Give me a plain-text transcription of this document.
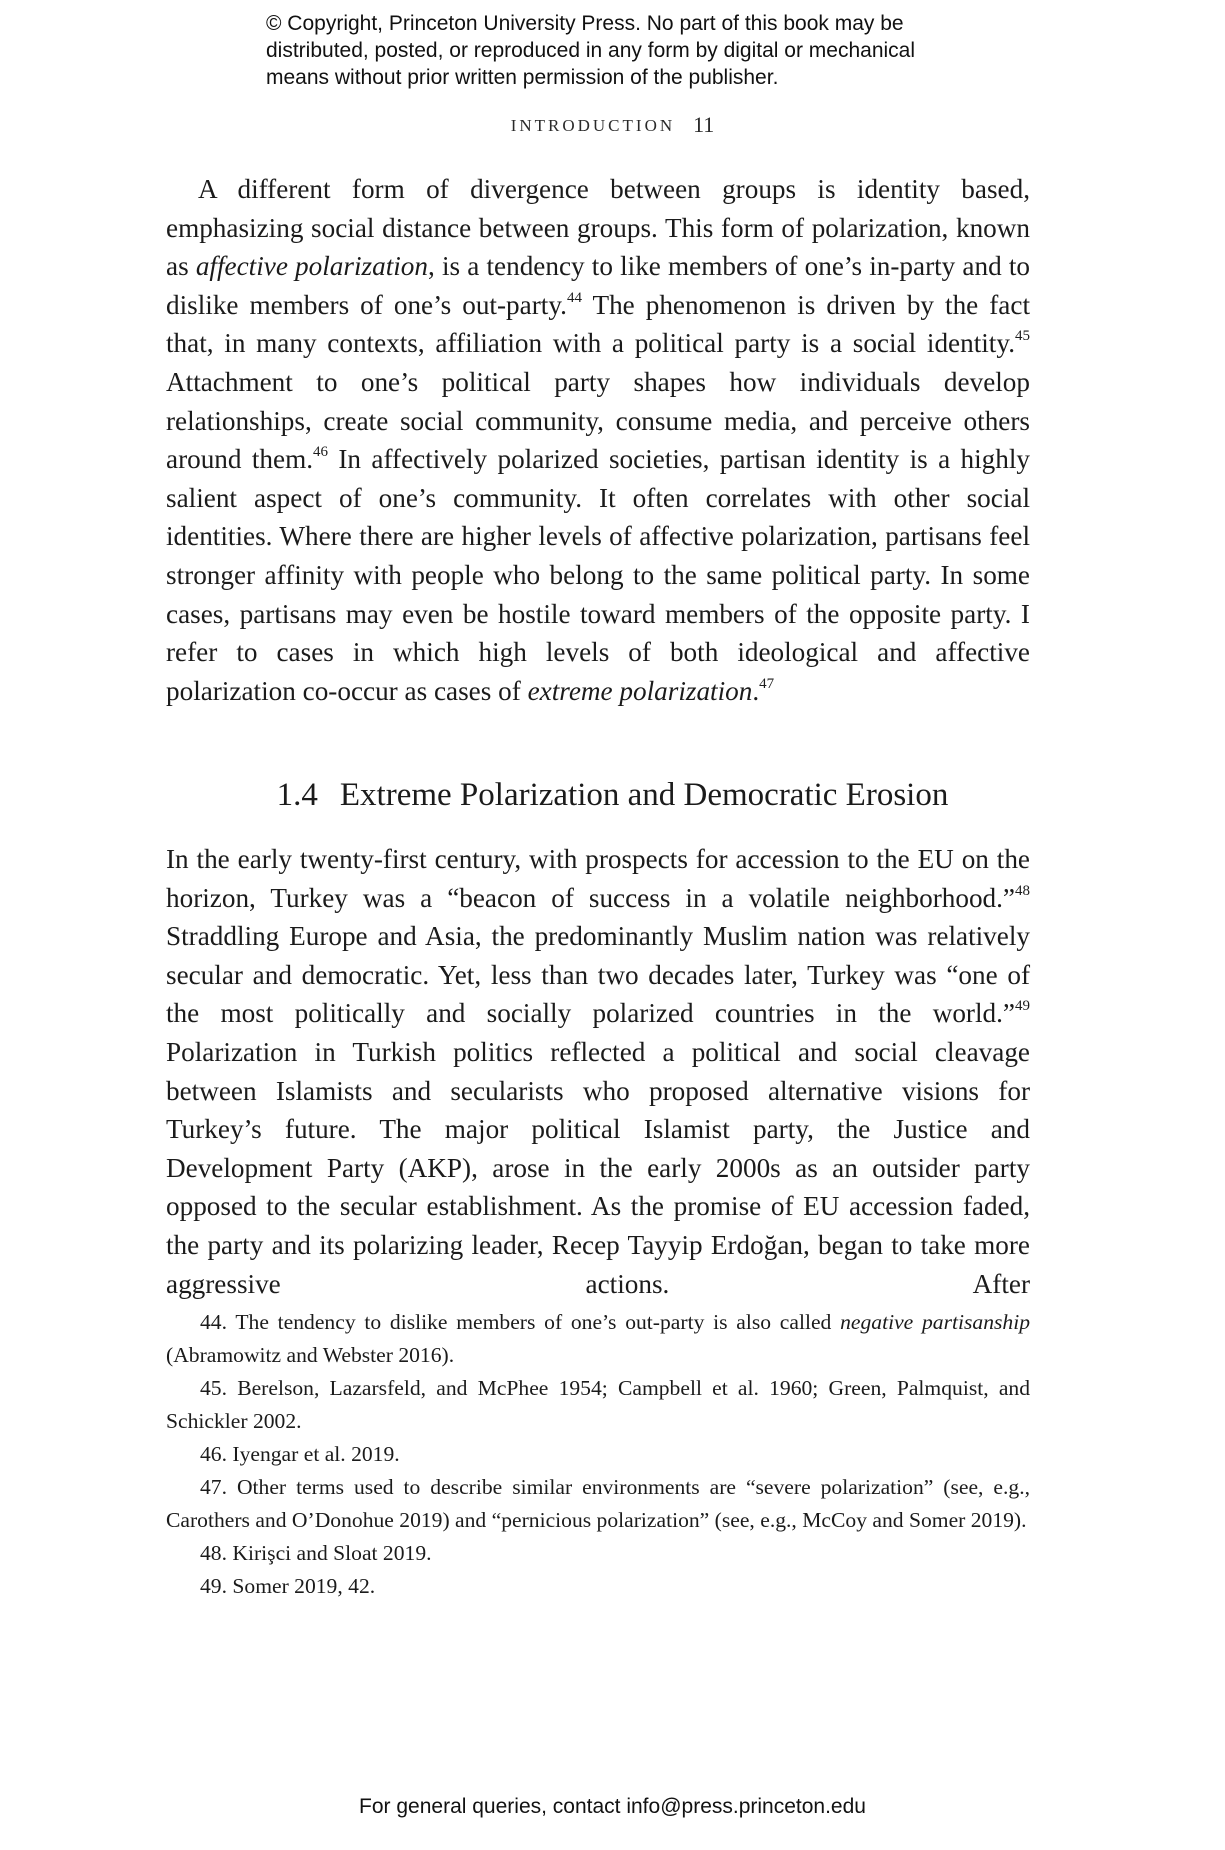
© Copyright, Princeton University Press. No part of this book may be
distributed, posted, or reproduced in any form by digital or mechanical
means without prior written permission of the publisher.
INTRODUCTION 11

A different form of divergence between groups is identity based, emphasizing social distance between groups. This form of polarization, known as affective polarization, is a tendency to like members of one’s in-party and to dislike members of one’s out-party.$^{44}$ The phenomenon is driven by the fact that, in many contexts, affiliation with a political party is a social identity.$^{45}$ Attachment to one’s political party shapes how individuals develop relationships, create social community, consume media, and perceive others around them.$^{46}$ In affectively polarized societies, partisan identity is a highly salient aspect of one’s community. It often correlates with other social identities. Where there are higher levels of affective polarization, partisans feel stronger affinity with people who belong to the same political party. In some cases, partisans may even be hostile toward members of the opposite party. I refer to cases in which high levels of both ideological and affective polarization co-occur as cases of extreme polarization.$^{47}$

1.4 Extreme Polarization and Democratic Erosion

In the early twenty-first century, with prospects for accession to the EU on the horizon, Turkey was a “beacon of success in a volatile neighborhood.”$^{48}$ Straddling Europe and Asia, the predominantly Muslim nation was relatively secular and democratic. Yet, less than two decades later, Turkey was “one of the most politically and socially polarized countries in the world.”$^{49}$ Polarization in Turkish politics reflected a political and social cleavage between Islamists and secularists who proposed alternative visions for Turkey’s future. The major political Islamist party, the Justice and Development Party (AKP), arose in the early 2000s as an outsider party opposed to the secular establishment. As the promise of EU accession faded, the party and its polarizing leader, Recep Tayyip Erdoğan, began to take more aggressive actions. After

44. The tendency to dislike members of one’s out-party is also called negative partisanship (Abramowitz and Webster 2016).

45. Berelson, Lazarsfeld, and McPhee 1954; Campbell et al. 1960; Green, Palmquist, and Schickler 2002.

46. Iyengar et al. 2019.

47. Other terms used to describe similar environments are “severe polarization” (see, e.g., Carothers and O’Donohue 2019) and “pernicious polarization” (see, e.g., McCoy and Somer 2019).

48. Kirişci and Sloat 2019.

49. Somer 2019, 42.

For general queries, contact info@press.princeton.edu
